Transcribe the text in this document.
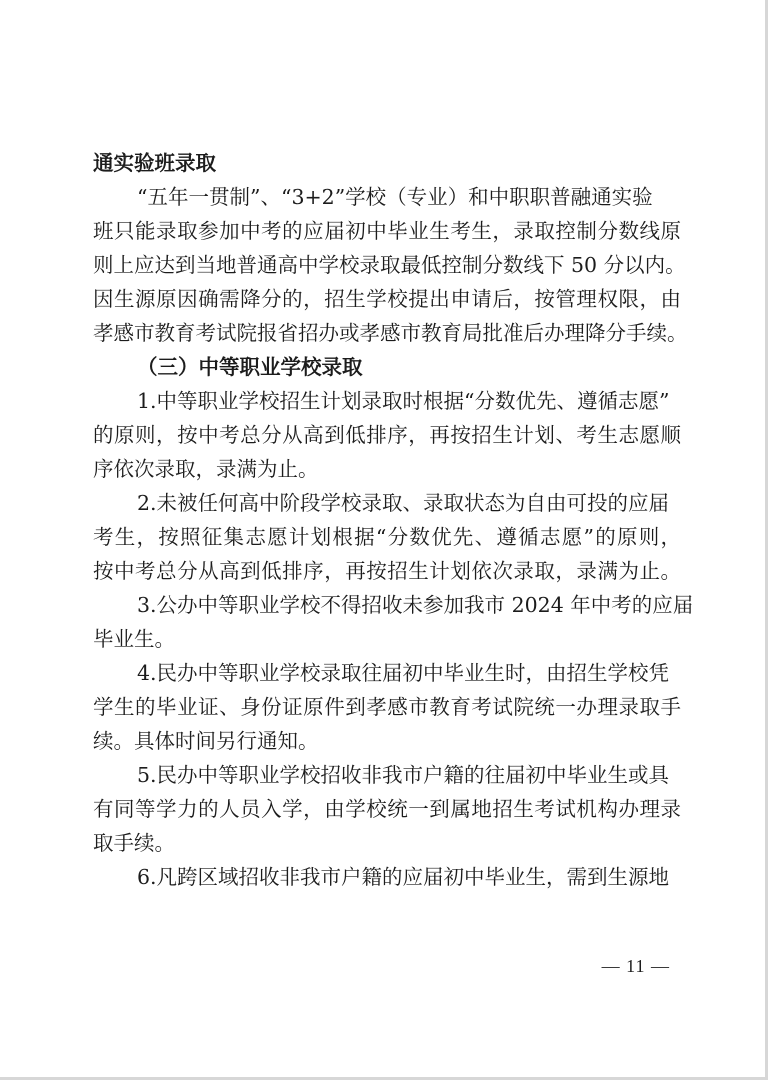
通实验班录取
“五年一贯制”、“3+2”学校（专业）和中职职普融通实验
班只能录取参加中考的应届初中毕业生考生，录取控制分数线原
则上应达到当地普通高中学校录取最低控制分数线下 50 分以内。
因生源原因确需降分的，招生学校提出申请后，按管理权限，由
孝感市教育考试院报省招办或孝感市教育局批准后办理降分手续。
（三）中等职业学校录取
1.中等职业学校招生计划录取时根据“分数优先、遵循志愿”
的原则，按中考总分从高到低排序，再按招生计划、考生志愿顺
序依次录取，录满为止。
2.未被任何高中阶段学校录取、录取状态为自由可投的应届
考生，按照征集志愿计划根据“分数优先、遵循志愿”的原则，
按中考总分从高到低排序，再按招生计划依次录取，录满为止。
3.公办中等职业学校不得招收未参加我市 2024 年中考的应届
毕业生。
4.民办中等职业学校录取往届初中毕业生时，由招生学校凭
学生的毕业证、身份证原件到孝感市教育考试院统一办理录取手
续。具体时间另行通知。
5.民办中等职业学校招收非我市户籍的往届初中毕业生或具
有同等学力的人员入学，由学校统一到属地招生考试机构办理录
取手续。
6.凡跨区域招收非我市户籍的应届初中毕业生，需到生源地
— 11 —
